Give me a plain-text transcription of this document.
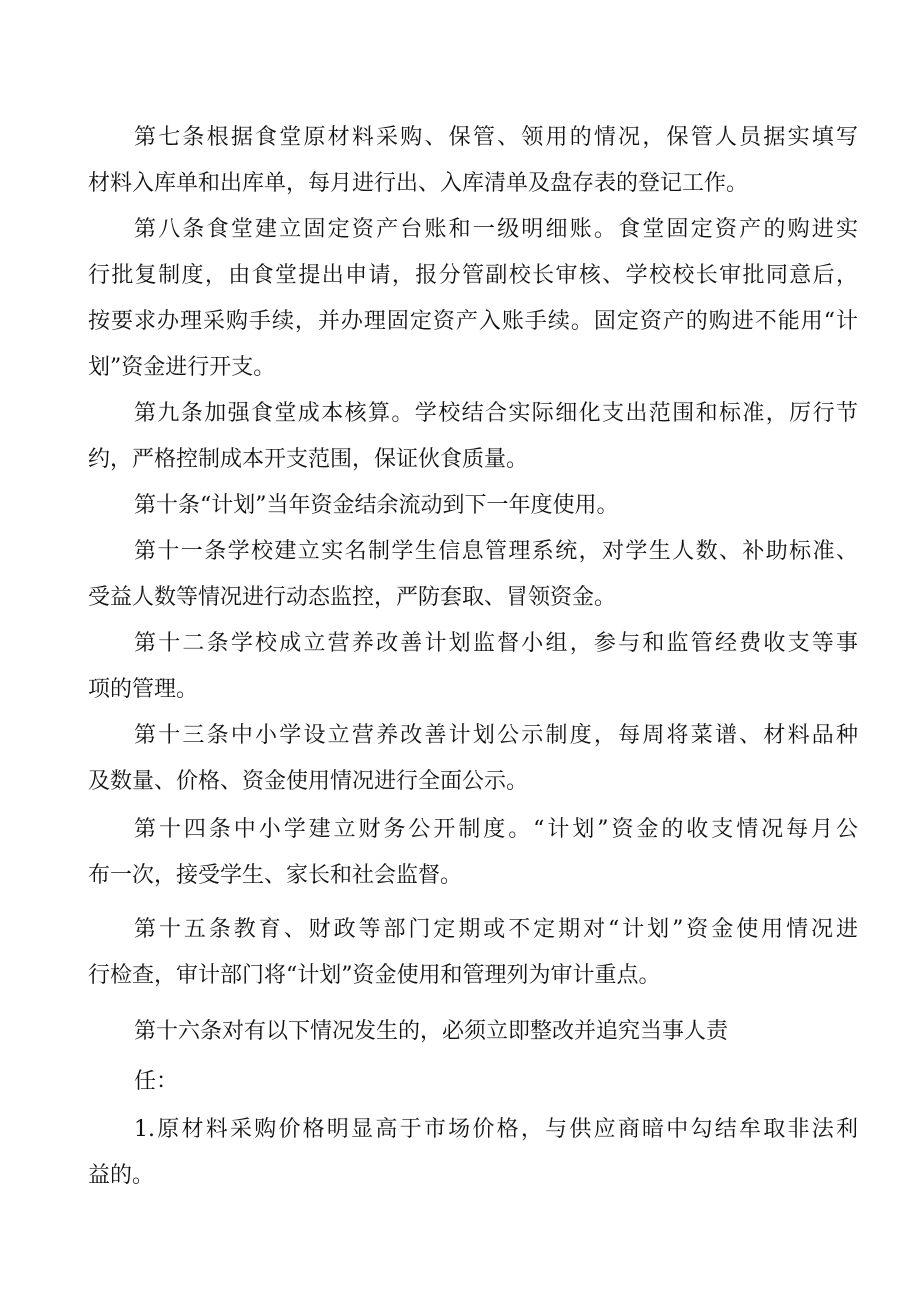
第七条根据食堂原材料采购、保管、领用的情况，保管人员据实填写
材料入库单和出库单，每月进行出、入库清单及盘存表的登记工作。
第八条食堂建立固定资产台账和一级明细账。食堂固定资产的购进实
行批复制度，由食堂提出申请，报分管副校长审核、学校校长审批同意后，
按要求办理采购手续，并办理固定资产入账手续。固定资产的购进不能用“计
划”资金进行开支。
第九条加强食堂成本核算。学校结合实际细化支出范围和标准，厉行节
约，严格控制成本开支范围，保证伙食质量。
第十条“计划”当年资金结余流动到下一年度使用。
第十一条学校建立实名制学生信息管理系统，对学生人数、补助标准、
受益人数等情况进行动态监控，严防套取、冒领资金。
第十二条学校成立营养改善计划监督小组，参与和监管经费收支等事
项的管理。
第十三条中小学设立营养改善计划公示制度，每周将菜谱、材料品种
及数量、价格、资金使用情况进行全面公示。
第十四条中小学建立财务公开制度。“计划”资金的收支情况每月公
布一次，接受学生、家长和社会监督。
第十五条教育、财政等部门定期或不定期对“计划”资金使用情况进
行检查，审计部门将“计划”资金使用和管理列为审计重点。
第十六条对有以下情况发生的，必须立即整改并追究当事人责
任：
1.原材料采购价格明显高于市场价格，与供应商暗中勾结牟取非法利
益的。
